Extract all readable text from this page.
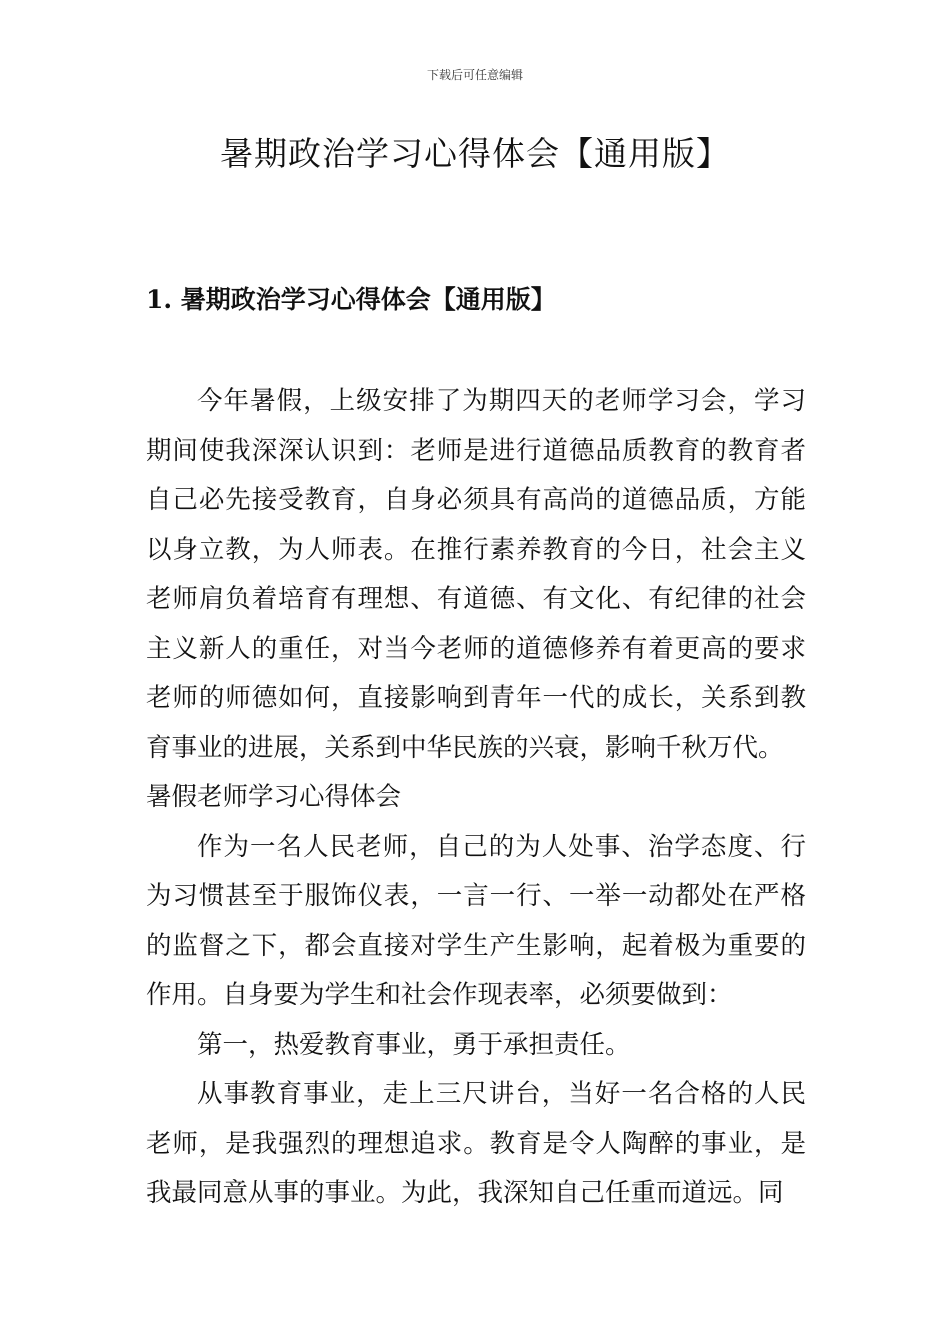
下载后可任意编辑
暑期政治学习心得体会【通用版】
1. 暑期政治学习心得体会【通用版】

今年暑假，上级安排了为期四天的老师学习会，学习期间使我深深认识到：老师是进行道德品质教育的教育者自己必先接受教育，自身必须具有高尚的道德品质，方能以身立教，为人师表。在推行素养教育的今日，社会主义老师肩负着培育有理想、有道德、有文化、有纪律的社会主义新人的重任，对当今老师的道德修养有着更高的要求老师的师德如何，直接影响到青年一代的成长，关系到教育事业的进展，关系到中华民族的兴衰，影响千秋万代。

暑假老师学习心得体会

作为一名人民老师，自己的为人处事、治学态度、行为习惯甚至于服饰仪表，一言一行、一举一动都处在严格的监督之下，都会直接对学生产生影响，起着极为重要的作用。自身要为学生和社会作现表率，必须要做到：

第一，热爱教育事业，勇于承担责任。

从事教育事业，走上三尺讲台，当好一名合格的人民老师，是我强烈的理想追求。教育是令人陶醉的事业，是我最同意从事的事业。为此，我深知自己任重而道远。同
